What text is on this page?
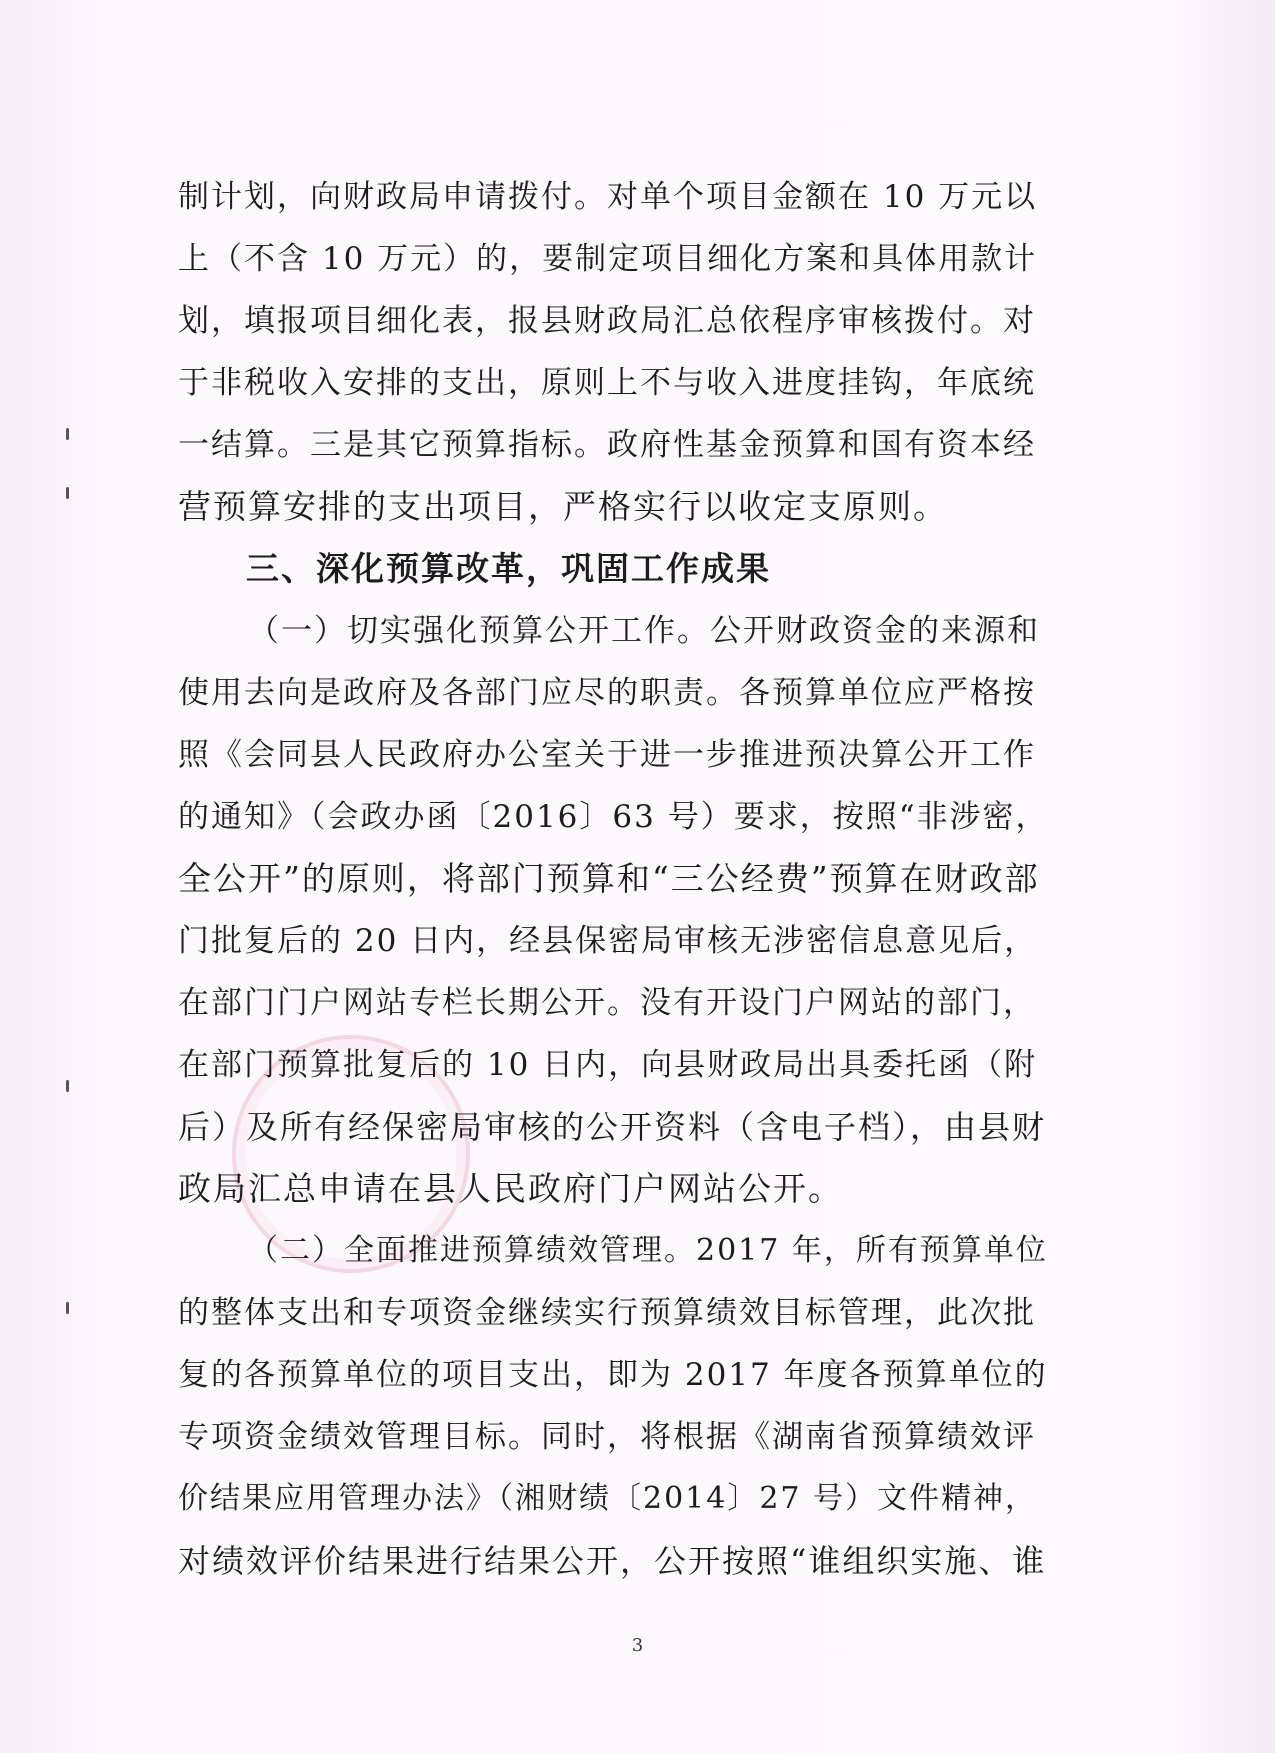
制计划，向财政局申请拨付。对单个项目金额在 10 万元以
上（不含 10 万元）的，要制定项目细化方案和具体用款计
划，填报项目细化表，报县财政局汇总依程序审核拨付。对
于非税收入安排的支出，原则上不与收入进度挂钩，年底统
一结算。三是其它预算指标。政府性基金预算和国有资本经
营预算安排的支出项目，严格实行以收定支原则。
三、深化预算改革，巩固工作成果
（一）切实强化预算公开工作。公开财政资金的来源和
使用去向是政府及各部门应尽的职责。各预算单位应严格按
照《会同县人民政府办公室关于进一步推进预决算公开工作
的通知》（会政办函〔2016〕63 号）要求，按照“非涉密，
全公开”的原则，将部门预算和“三公经费”预算在财政部
门批复后的 20 日内，经县保密局审核无涉密信息意见后，
在部门门户网站专栏长期公开。没有开设门户网站的部门，
在部门预算批复后的 10 日内，向县财政局出具委托函（附
后）及所有经保密局审核的公开资料（含电子档），由县财
政局汇总申请在县人民政府门户网站公开。
（二）全面推进预算绩效管理。2017 年，所有预算单位
的整体支出和专项资金继续实行预算绩效目标管理，此次批
复的各预算单位的项目支出，即为 2017 年度各预算单位的
专项资金绩效管理目标。同时，将根据《湖南省预算绩效评
价结果应用管理办法》（湘财绩〔2014〕27 号）文件精神，
对绩效评价结果进行结果公开，公开按照“谁组织实施、谁
3
